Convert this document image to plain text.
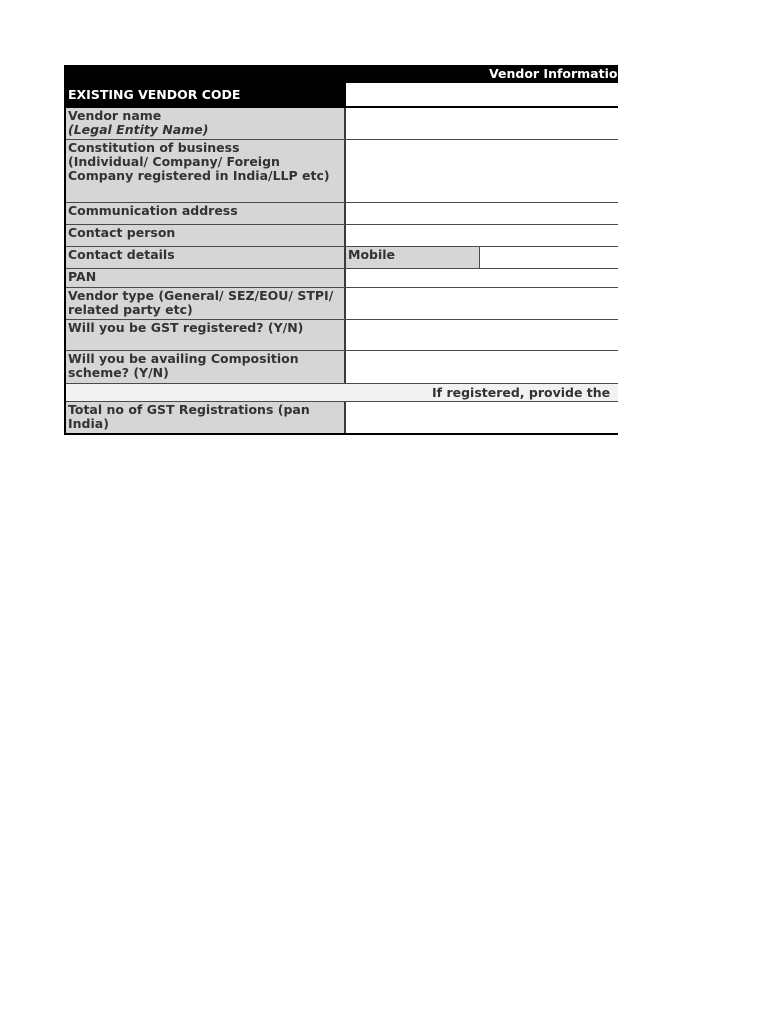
Vendor Informatio
EXISTING VENDOR CODE
Vendor name
(Legal Entity Name)
Constitution of business
(Individual/ Company/ Foreign
Company registered in India/LLP etc)
Communication address
Contact person
Contact details	Mobile
PAN
Vendor type (General/ SEZ/EOU/ STPI/
related party etc)
Will you be GST registered? (Y/N)
Will you be availing Composition
scheme? (Y/N)
If registered, provide the
Total no of GST Registrations (pan
India)
